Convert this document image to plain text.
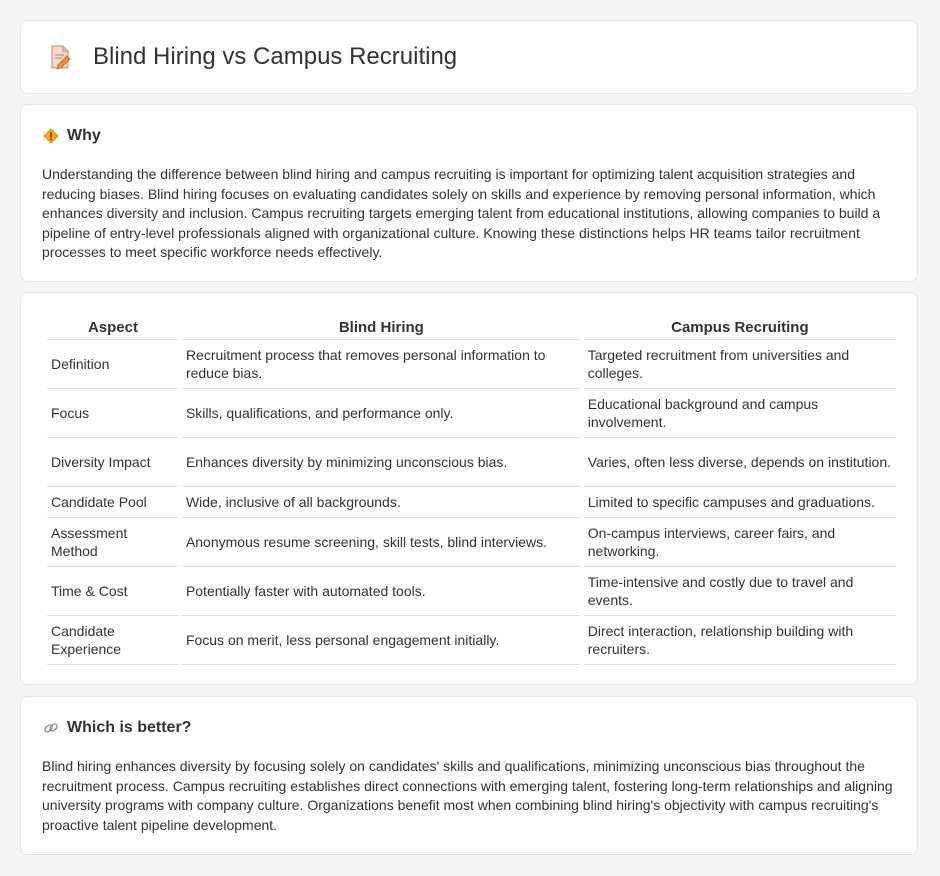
Blind Hiring vs Campus Recruiting
Why

Understanding the difference between blind hiring and campus recruiting is important for optimizing talent acquisition strategies and reducing biases. Blind hiring focuses on evaluating candidates solely on skills and experience by removing personal information, which enhances diversity and inclusion. Campus recruiting targets emerging talent from educational institutions, allowing companies to build a pipeline of entry-level professionals aligned with organizational culture. Knowing these distinctions helps HR teams tailor recruitment processes to meet specific workforce needs effectively.

Aspect	Blind Hiring	Campus Recruiting
Definition	Recruitment process that removes personal information to reduce bias.	Targeted recruitment from universities and colleges.
Focus	Skills, qualifications, and performance only.	Educational background and campus involvement.
Diversity Impact	Enhances diversity by minimizing unconscious bias.	Varies, often less diverse, depends on institution.
Candidate Pool	Wide, inclusive of all backgrounds.	Limited to specific campuses and graduations.
Assessment Method	Anonymous resume screening, skill tests, blind interviews.	On-campus interviews, career fairs, and networking.
Time & Cost	Potentially faster with automated tools.	Time-intensive and costly due to travel and events.
Candidate Experience	Focus on merit, less personal engagement initially.	Direct interaction, relationship building with recruiters.
Which is better?

Blind hiring enhances diversity by focusing solely on candidates' skills and qualifications, minimizing unconscious bias throughout the recruitment process. Campus recruiting establishes direct connections with emerging talent, fostering long-term relationships and aligning university programs with company culture. Organizations benefit most when combining blind hiring's objectivity with campus recruiting's proactive talent pipeline development.
